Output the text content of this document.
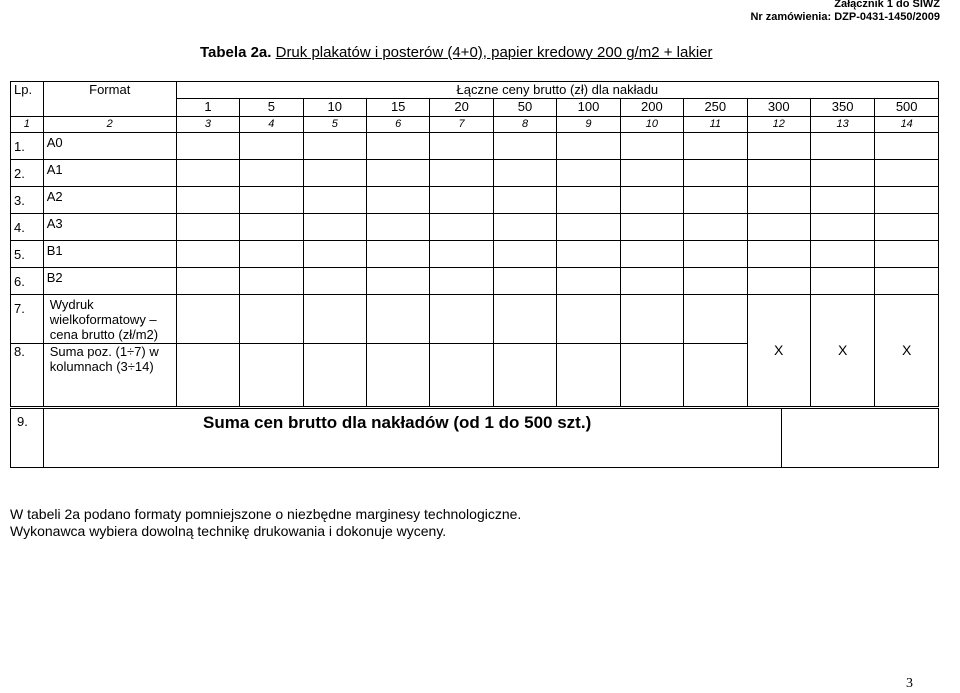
Załącznik 1 do SIWZ
Nr zamówienia: DZP-0431-1450/2009
Tabela 2a. Druk plakatów i posterów (4+0), papier kredowy 200 g/m2 + lakier
Lp.	Format	Łączne ceny brutto (zł) dla nakładu											
		1	5	10	15	20	50	100	200	250	300	350	500
1	2	3	4	5	6	7	8	9	10	11	12	13	14
1.	A0												
2.	A1												
3.	A2												
4.	A3												
5.	B1												
6.	B2												
7.	Wydruk wielkoformatowy – cena brutto (zł/m2)										X	X	X
8.	Suma poz. (1÷7) w kolumnach (3÷14)												
9.	Suma cen brutto dla nakładów (od 1 do 500 szt.)
W tabeli 2a podano formaty pomniejszone o niezbędne marginesy technologiczne.
Wykonawca wybiera dowolną technikę drukowania i dokonuje wyceny.
3
